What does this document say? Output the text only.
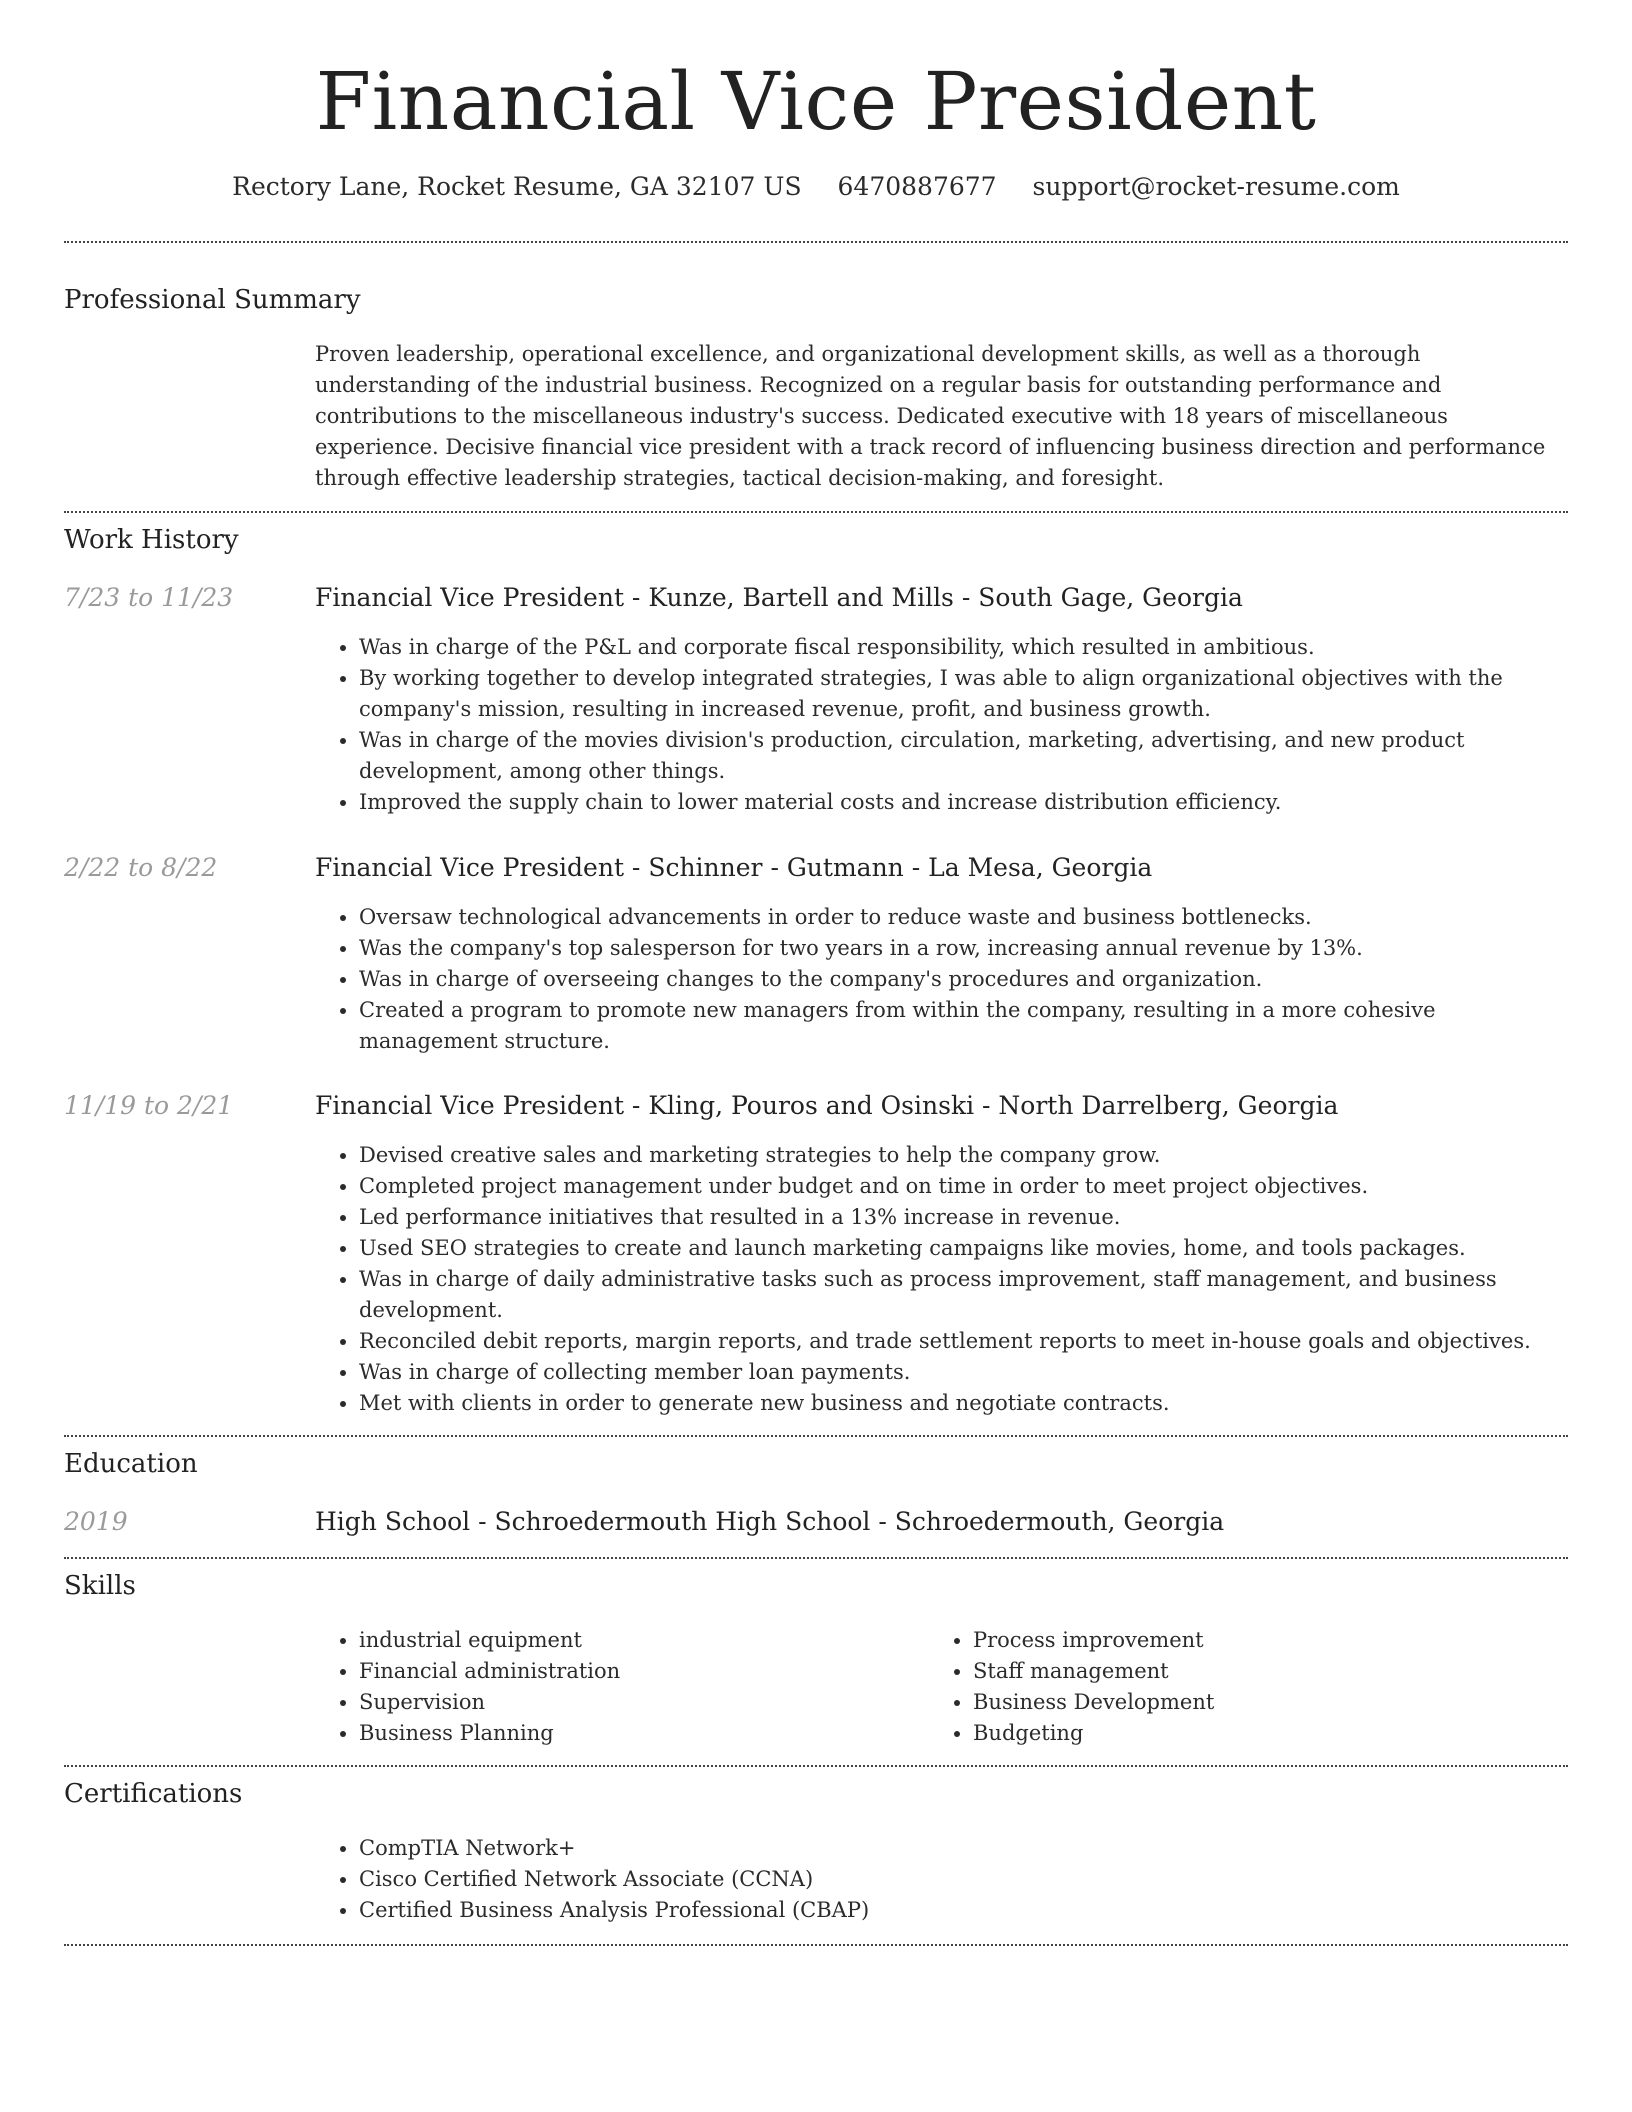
Financial Vice President
Rectory Lane, Rocket Resume, GA 32107 US 6470887677 support@rocket-resume.com
Professional Summary

Proven leadership, operational excellence, and organizational development skills, as well as a thorough understanding of the industrial business. Recognized on a regular basis for outstanding performance and contributions to the miscellaneous industry's success. Dedicated executive with 18 years of miscellaneous experience. Decisive financial vice president with a track record of influencing business direction and performance through effective leadership strategies, tactical decision-making, and foresight.

Work History
7/23 to 11/23	Financial Vice President - Kunze, Bartell and Mills - South Gage, Georgia
• Was in charge of the P&L and corporate fiscal responsibility, which resulted in ambitious.
• By working together to develop integrated strategies, I was able to align organizational objectives with the company's mission, resulting in increased revenue, profit, and business growth.
• Was in charge of the movies division's production, circulation, marketing, advertising, and new product development, among other things.
• Improved the supply chain to lower material costs and increase distribution efficiency.
2/22 to 8/22	Financial Vice President - Schinner - Gutmann - La Mesa, Georgia
• Oversaw technological advancements in order to reduce waste and business bottlenecks.
• Was the company's top salesperson for two years in a row, increasing annual revenue by 13%.
• Was in charge of overseeing changes to the company's procedures and organization.
• Created a program to promote new managers from within the company, resulting in a more cohesive management structure.
11/19 to 2/21	Financial Vice President - Kling, Pouros and Osinski - North Darrelberg, Georgia
• Devised creative sales and marketing strategies to help the company grow.
• Completed project management under budget and on time in order to meet project objectives.
• Led performance initiatives that resulted in a 13% increase in revenue.
• Used SEO strategies to create and launch marketing campaigns like movies, home, and tools packages.
• Was in charge of daily administrative tasks such as process improvement, staff management, and business development.
• Reconciled debit reports, margin reports, and trade settlement reports to meet in-house goals and objectives.
• Was in charge of collecting member loan payments.
• Met with clients in order to generate new business and negotiate contracts.
Education
2019	High School - Schroedermouth High School - Schroedermouth, Georgia
Skills
• industrial equipment
• Financial administration
• Supervision
• Business Planning
• Process improvement
• Staff management
• Business Development
• Budgeting
Certifications
• CompTIA Network+
• Cisco Certified Network Associate (CCNA)
• Certified Business Analysis Professional (CBAP)
